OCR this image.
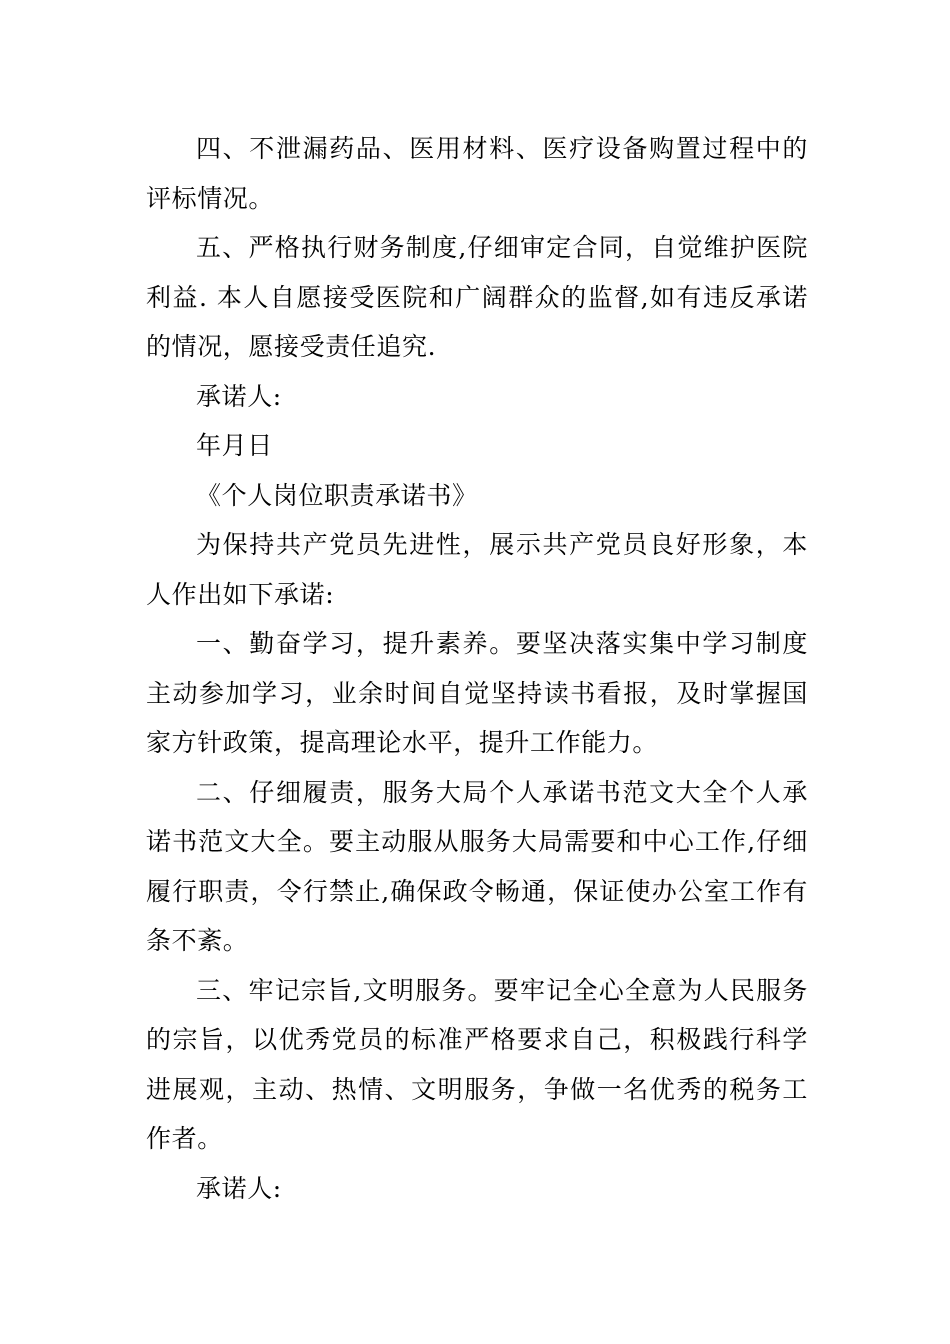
四、不泄漏药品、医用材料、医疗设备购置过程中的评标情况。

五、严格执行财务制度,仔细审定合同，自觉维护医院利益. 本人自愿接受医院和广阔群众的监督,如有违反承诺的情况，愿接受责任追究.

承诺人:

年月日

《个人岗位职责承诺书》

为保持共产党员先进性，展示共产党员良好形象，本人作出如下承诺:

一、勤奋学习，提升素养。要坚决落实集中学习制度主动参加学习，业余时间自觉坚持读书看报，及时掌握国家方针政策，提高理论水平，提升工作能力。

二、仔细履责，服务大局个人承诺书范文大全个人承诺书范文大全。要主动服从服务大局需要和中心工作,仔细履行职责，令行禁止,确保政令畅通，保证使办公室工作有条不紊。

三、牢记宗旨,文明服务。要牢记全心全意为人民服务的宗旨，以优秀党员的标准严格要求自己，积极践行科学进展观，主动、热情、文明服务，争做一名优秀的税务工作者。

承诺人:
